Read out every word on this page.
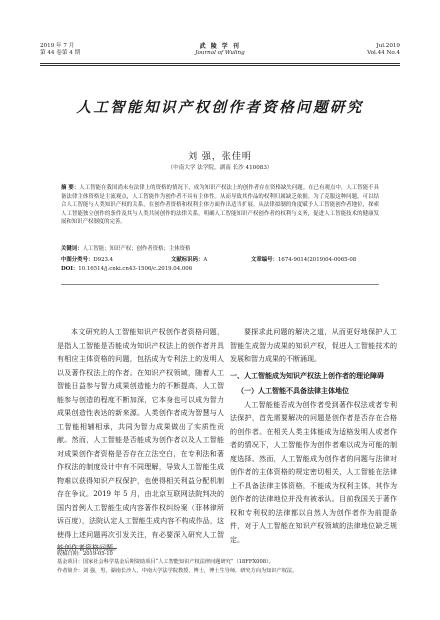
2019 年 7 月
第 44 卷第 4 期
武 陵 学 刊
Journal of Wuling
Jul.2019
Vol.44 No.4
人工智能知识产权创作者资格问题研究
刘 强，张佳明
（中南大学 法学院，湖南 长沙 410083）
摘 要：人工智能在我国尚未有法律上的资格的情况下，成为知识产权法上的创作者存在资格缺失问题。在已有观点中，人工智能不具备法律主体资格是主流观点，人工智能作为创作者不具有主体性。从而导致其作品的权利归属缺乏依据。为了克服这种问题，可以结合人工智能与人类知识产权的关系，在创作者资格和权利主体方面作出适当扩展。从法律拟制的角度赋予人工智能创作者地位，探索人工智能独立创作的条件及其与人类共同创作的法律关系，明确人工智能知识产权创作者的权利与义务，促进人工智能技术的健康发展和知识产权制度的完善。
关键词：人工智能；知识产权；创作者资格；主体资格
中图分类号：D923.4	文献标识码：A	文章编号：1674-9014(2019)04-0065-08
DOI：10.16514/j.cnki.cn43-1506/c.2019.04.006

本文研究的人工智能知识产权创作者资格问题，是指人工智能是否能成为知识产权法上的创作者并具有相应主体资格的问题，包括成为专利法上的发明人以及著作权法上的作者。在知识产权领域，随着人工智能日益参与智力成果创造能力的不断提高，人工智能参与创造的程度不断加深，它本身也可以成为智力成果创造性表达的新来源。人类创作者成为智慧与人工智能相辅相承，共同为智力成果做出了实质性贡献。然而，人工智能是否能成为创作者以及人工智能对成果创作者资格是否存在立法空白，在专利法和著作权法的制度设计中有不同理解，导致人工智能生成物难以获得知识产权保护，也使得相关利益分配机制存在争议。2019 年 5 月，由北京互联网法院判决的国内首例人工智能生成内容著作权纠纷案（菲林律所诉百度），法院认定人工智能生成内容不构成作品，这使得上述问题再次引发关注，有必要深入研究人工智能创作者资格问题。

要探求此问题的解决之道，从而更好地保护人工智能生成智力成果的知识产权，促进人工智能技术的发展和智力成果的不断涌现。

一、人工智能成为知识产权法上创作者的理论障碍

（一）人工智能不具备法律主体地位

人工智能能否成为创作者受到著作权法或者专利法保护，首先需要解决的问题是创作者是否存在合格的创作者。在相关人类主体能成为适格发明人或者作者的情况下，人工智能作为创作者难以成为可能的制度选择。然而，人工智能成为创作者的问题与法律对创作者的主体资格的规定密切相关，人工智能在法律上不具备法律主体资格，不能成为权利主体，其作为创作者的法律地位并没有被承认。目前我国关于著作权和专利权的法律都以自然人为创作者作为前提条件，对于人工智能在知识产权领域的法律地位缺乏规定。

收稿日期：2019-05-10
基金项目：国家社会科学基金后期资助项目“人工智能知识产权法律问题研究”（18FFX008）。
作者简介：刘 强，男，湖南长沙人，中南大学法学院教授，博士，博士生导师，研究方向为知识产权法。
